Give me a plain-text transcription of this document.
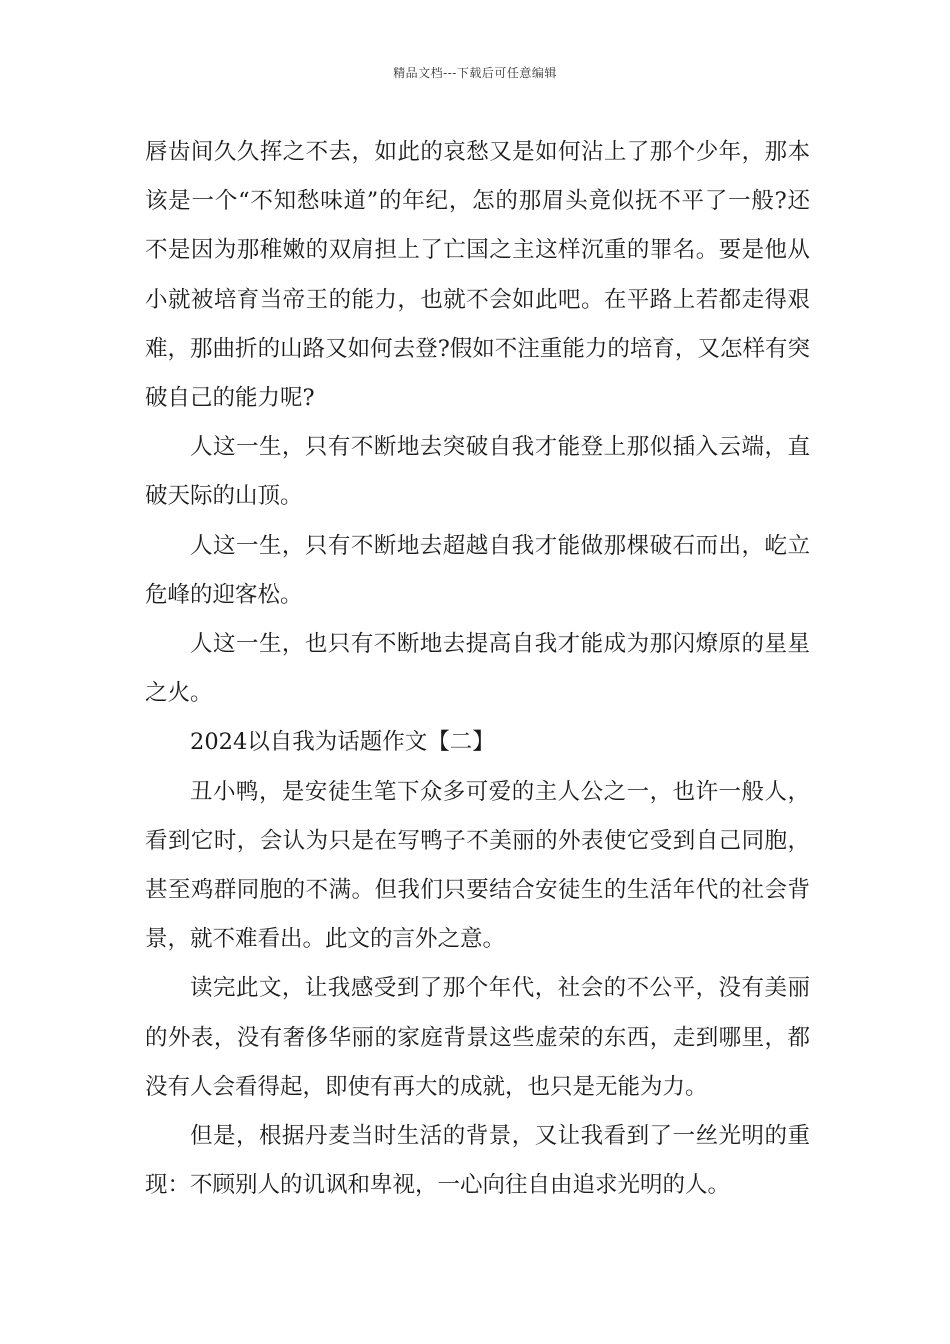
精品文档---下载后可任意编辑

唇齿间久久挥之不去，如此的哀愁又是如何沾上了那个少年，那本该是一个“不知愁味道”的年纪，怎的那眉头竟似抚不平了一般?还不是因为那稚嫩的双肩担上了亡国之主这样沉重的罪名。要是他从小就被培育当帝王的能力，也就不会如此吧。在平路上若都走得艰难，那曲折的山路又如何去登?假如不注重能力的培育，又怎样有突破自己的能力呢?

人这一生，只有不断地去突破自我才能登上那似插入云端，直破天际的山顶。

人这一生，只有不断地去超越自我才能做那棵破石而出，屹立危峰的迎客松。

人这一生，也只有不断地去提高自我才能成为那闪燎原的星星之火。

2024以自我为话题作文【二】

丑小鸭，是安徒生笔下众多可爱的主人公之一，也许一般人，看到它时，会认为只是在写鸭子不美丽的外表使它受到自己同胞，甚至鸡群同胞的不满。但我们只要结合安徒生的生活年代的社会背景，就不难看出。此文的言外之意。

读完此文，让我感受到了那个年代，社会的不公平，没有美丽的外表，没有奢侈华丽的家庭背景这些虚荣的东西，走到哪里，都没有人会看得起，即使有再大的成就，也只是无能为力。

但是，根据丹麦当时生活的背景，又让我看到了一丝光明的重现：不顾别人的讥讽和卑视，一心向往自由追求光明的人。
